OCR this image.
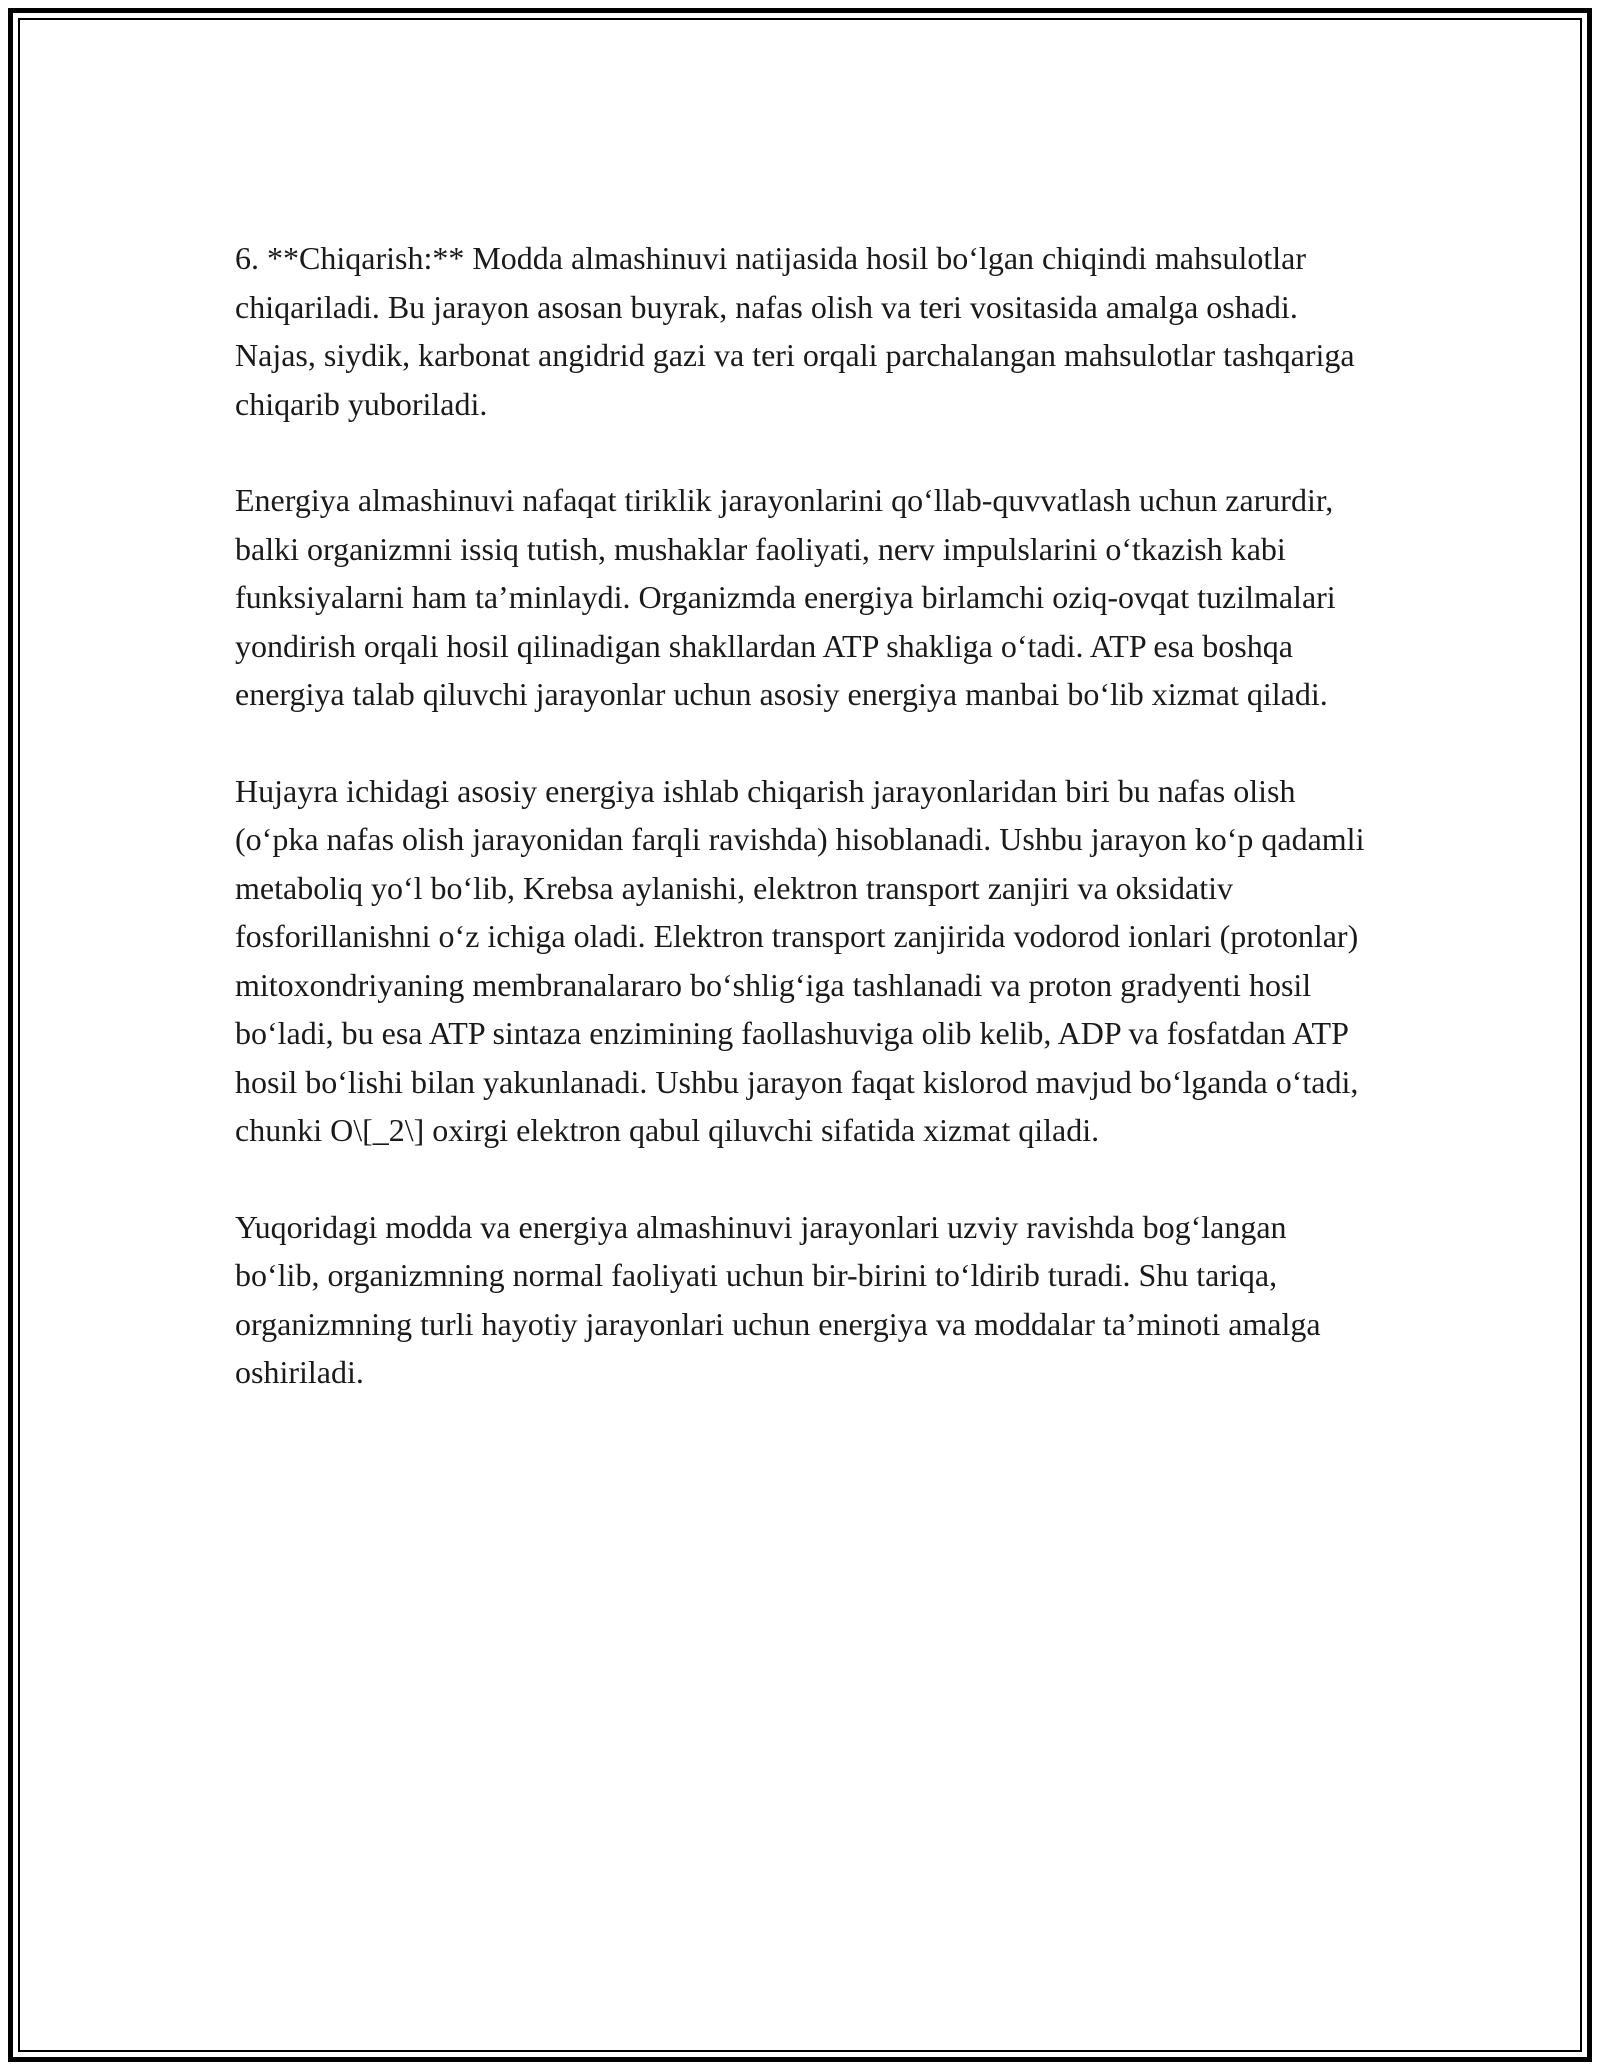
6. **Chiqarish:** Modda almashinuvi natijasida hosil bo‘lgan chiqindi mahsulotlar chiqariladi. Bu jarayon asosan buyrak, nafas olish va teri vositasida amalga oshadi. Najas, siydik, karbonat angidrid gazi va teri orqali parchalangan mahsulotlar tashqariga chiqarib yuboriladi.

Energiya almashinuvi nafaqat tiriklik jarayonlarini qo‘llab-quvvatlash uchun zarurdir, balki organizmni issiq tutish, mushaklar faoliyati, nerv impulslarini o‘tkazish kabi funksiyalarni ham ta’minlaydi. Organizmda energiya birlamchi oziq-ovqat tuzilmalari yondirish orqali hosil qilinadigan shakllardan ATP shakliga o‘tadi. ATP esa boshqa energiya talab qiluvchi jarayonlar uchun asosiy energiya manbai bo‘lib xizmat qiladi.

Hujayra ichidagi asosiy energiya ishlab chiqarish jarayonlaridan biri bu nafas olish (o‘pka nafas olish jarayonidan farqli ravishda) hisoblanadi. Ushbu jarayon ko‘p qadamli metaboliq yo‘l bo‘lib, Krebsa aylanishi, elektron transport zanjiri va oksidativ fosforillanishni o‘z ichiga oladi. Elektron transport zanjirida vodorod ionlari (protonlar) mitoxondriyaning membranalararo bo‘shlig‘iga tashlanadi va proton gradyenti hosil bo‘ladi, bu esa ATP sintaza enzimining faollashuviga olib kelib, ADP va fosfatdan ATP hosil bo‘lishi bilan yakunlanadi. Ushbu jarayon faqat kislorod mavjud bo‘lganda o‘tadi, chunki O\[_2\] oxirgi elektron qabul qiluvchi sifatida xizmat qiladi.

Yuqoridagi modda va energiya almashinuvi jarayonlari uzviy ravishda bog‘langan bo‘lib, organizmning normal faoliyati uchun bir-birini to‘ldirib turadi. Shu tariqa, organizmning turli hayotiy jarayonlari uchun energiya va moddalar ta’minoti amalga oshiriladi.
